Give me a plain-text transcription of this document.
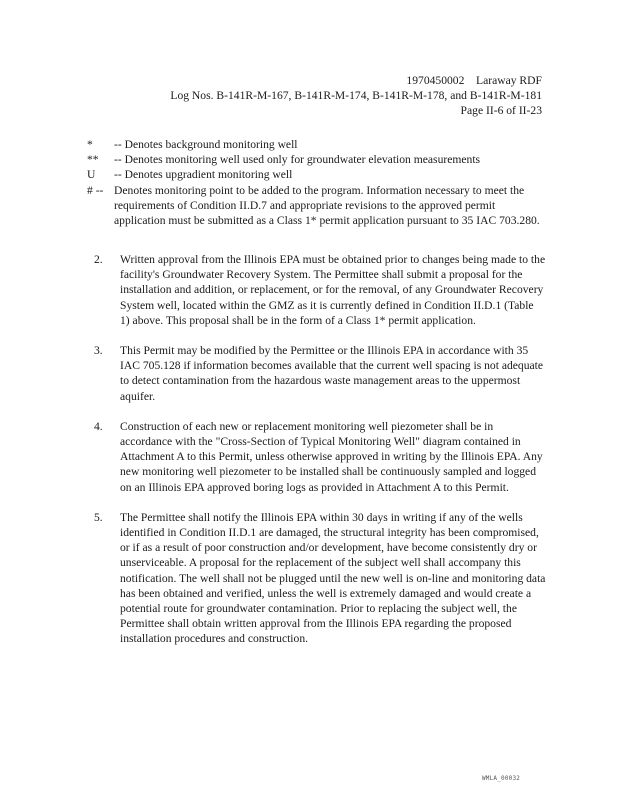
1970450002    Laraway RDF
Log Nos. B-141R-M-167, B-141R-M-174, B-141R-M-178, and B-141R-M-181
Page II-6 of II-23
*	-- Denotes background monitoring well
**	-- Denotes monitoring well used only for groundwater elevation measurements
U	-- Denotes upgradient monitoring well
# -- Denotes monitoring point to be added to the program. Information necessary to meet the requirements of Condition II.D.7 and appropriate revisions to the approved permit application must be submitted as a Class 1* permit application pursuant to 35 IAC 703.280.
2.	Written approval from the Illinois EPA must be obtained prior to changes being made to the facility's Groundwater Recovery System. The Permittee shall submit a proposal for the installation and addition, or replacement, or for the removal, of any Groundwater Recovery System well, located within the GMZ as it is currently defined in Condition II.D.1 (Table 1) above. This proposal shall be in the form of a Class 1* permit application.
3.	This Permit may be modified by the Permittee or the Illinois EPA in accordance with 35 IAC 705.128 if information becomes available that the current well spacing is not adequate to detect contamination from the hazardous waste management areas to the uppermost aquifer.
4.	Construction of each new or replacement monitoring well piezometer shall be in accordance with the "Cross-Section of Typical Monitoring Well" diagram contained in Attachment A to this Permit, unless otherwise approved in writing by the Illinois EPA. Any new monitoring well piezometer to be installed shall be continuously sampled and logged on an Illinois EPA approved boring logs as provided in Attachment A to this Permit.
5.	The Permittee shall notify the Illinois EPA within 30 days in writing if any of the wells identified in Condition II.D.1 are damaged, the structural integrity has been compromised, or if as a result of poor construction and/or development, have become consistently dry or unserviceable. A proposal for the replacement of the subject well shall accompany this notification. The well shall not be plugged until the new well is on-line and monitoring data has been obtained and verified, unless the well is extremely damaged and would create a potential route for groundwater contamination. Prior to replacing the subject well, the Permittee shall obtain written approval from the Illinois EPA regarding the proposed installation procedures and construction.
WMLA_00032
